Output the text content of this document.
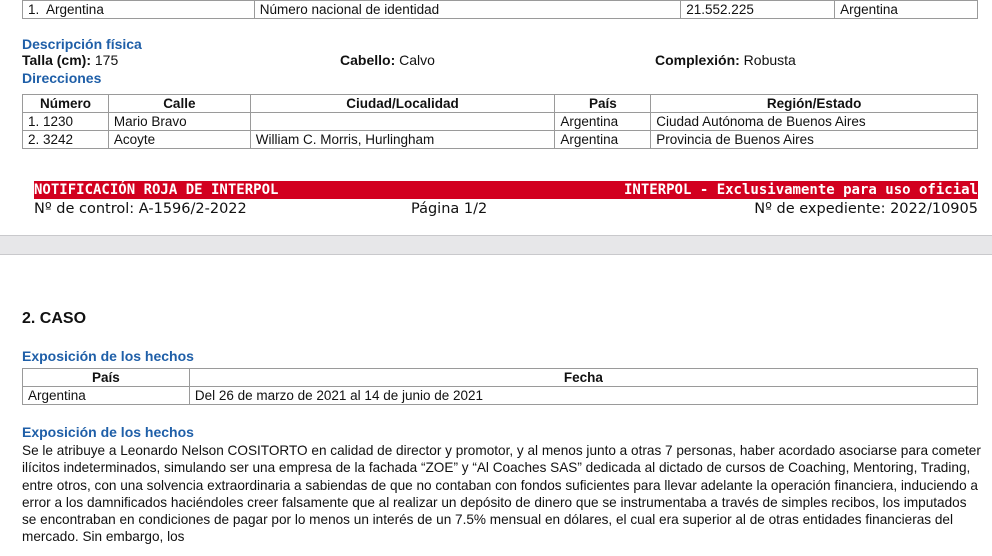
1. Argentina	Número nacional de identidad	21.552.225	Argentina
Descripción física
Talla (cm): 175	Cabello: Calvo	Complexión: Robusta
Direcciones
Número	Calle	Ciudad/Localidad	País	Región/Estado
1. 1230	Mario Bravo		Argentina	Ciudad Autónoma de Buenos Aires
2. 3242	Acoyte	William C. Morris, Hurlingham	Argentina	Provincia de Buenos Aires
NOTIFICACIÓN ROJA DE INTERPOL	INTERPOL - Exclusivamente para uso oficial
Nº de control: A-1596/2-2022	Página 1/2	Nº de expediente: 2022/10905
2. CASO
Exposición de los hechos
País	Fecha
Argentina	Del 26 de marzo de 2021 al 14 de junio de 2021
Exposición de los hechos
Se le atribuye a Leonardo Nelson COSITORTO en calidad de director y promotor, y al menos junto a otras 7 personas, haber acordado asociarse para cometer ilícitos indeterminados, simulando ser una empresa de la fachada “ZOE” y “Al Coaches SAS” dedicada al dictado de cursos de Coaching, Mentoring, Trading, entre otros, con una solvencia extraordinaria a sabiendas de que no contaban con fondos suficientes para llevar adelante la operación financiera, induciendo a error a los damnificados haciéndoles creer falsamente que al realizar un depósito de dinero que se instrumentaba a través de simples recibos, los imputados se encontraban en condiciones de pagar por lo menos un interés de un 7.5% mensual en dólares, el cual era superior al de otras entidades financieras del mercado. Sin embargo, los
